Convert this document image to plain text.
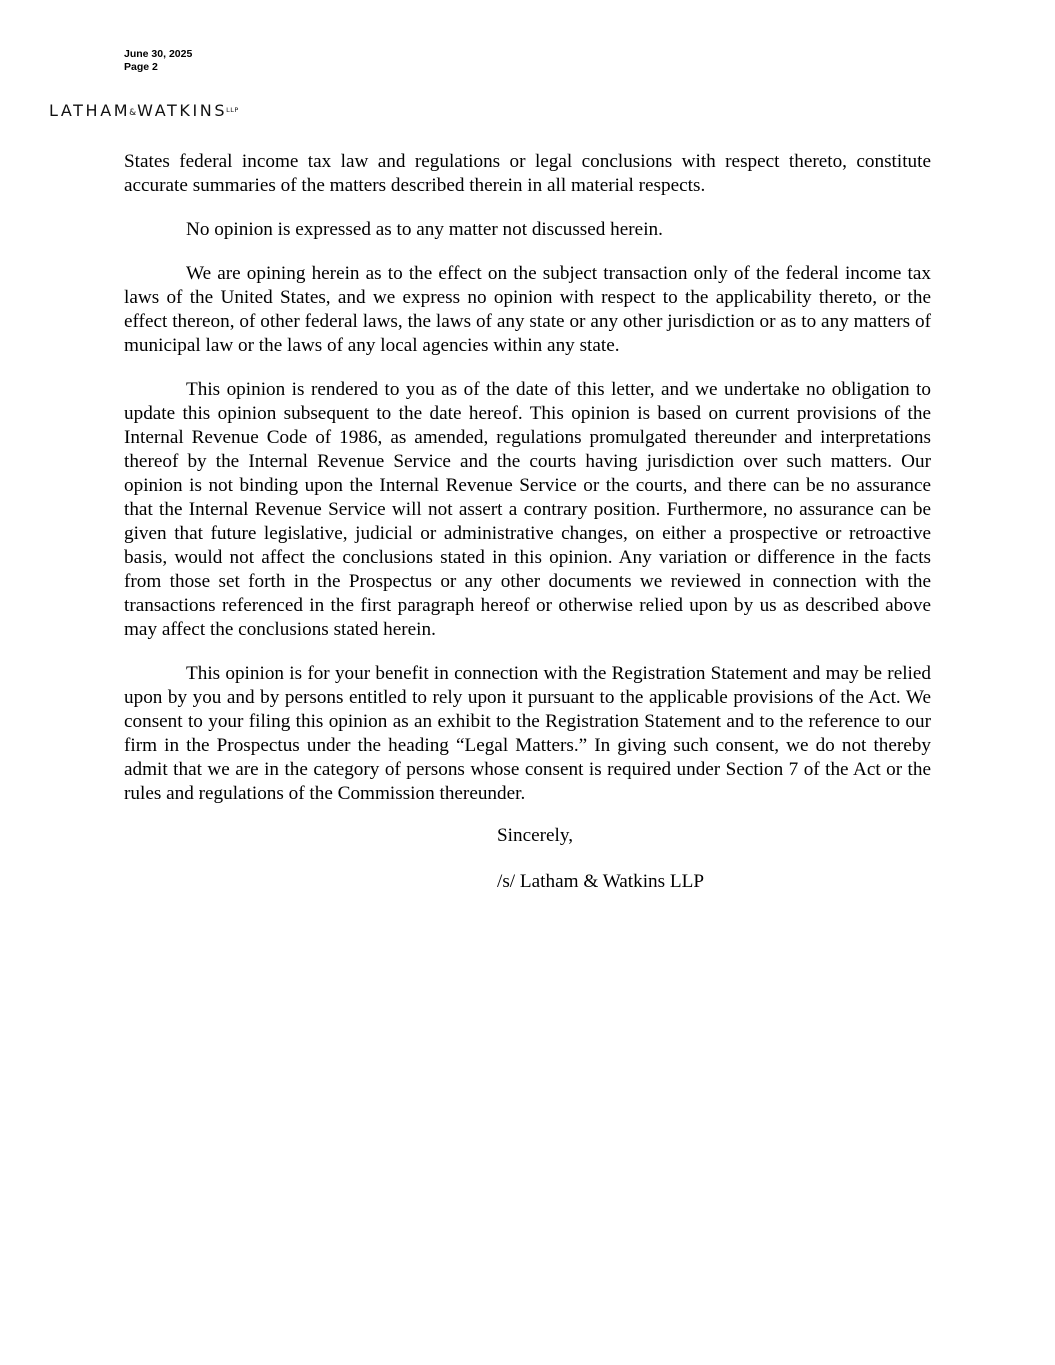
June 30, 2025
Page 2
$LATHAM\&WATKINS^{LLP}$

States federal income tax law and regulations or legal conclusions with respect thereto, constitute accurate summaries of the matters described therein in all material respects.

No opinion is expressed as to any matter not discussed herein.

We are opining herein as to the effect on the subject transaction only of the federal income tax laws of the United States, and we express no opinion with respect to the applicability thereto, or the effect thereon, of other federal laws, the laws of any state or any other jurisdiction or as to any matters of municipal law or the laws of any local agencies within any state.

This opinion is rendered to you as of the date of this letter, and we undertake no obligation to update this opinion subsequent to the date hereof. This opinion is based on current provisions of the Internal Revenue Code of 1986, as amended, regulations promulgated thereunder and interpretations thereof by the Internal Revenue Service and the courts having jurisdiction over such matters. Our opinion is not binding upon the Internal Revenue Service or the courts, and there can be no assurance that the Internal Revenue Service will not assert a contrary position. Furthermore, no assurance can be given that future legislative, judicial or administrative changes, on either a prospective or retroactive basis, would not affect the conclusions stated in this opinion. Any variation or difference in the facts from those set forth in the Prospectus or any other documents we reviewed in connection with the transactions referenced in the first paragraph hereof or otherwise relied upon by us as described above may affect the conclusions stated herein.

This opinion is for your benefit in connection with the Registration Statement and may be relied upon by you and by persons entitled to rely upon it pursuant to the applicable provisions of the Act. We consent to your filing this opinion as an exhibit to the Registration Statement and to the reference to our firm in the Prospectus under the heading “Legal Matters.” In giving such consent, we do not thereby admit that we are in the category of persons whose consent is required under Section 7 of the Act or the rules and regulations of the Commission thereunder.

Sincerely,
/s/ Latham & Watkins LLP
